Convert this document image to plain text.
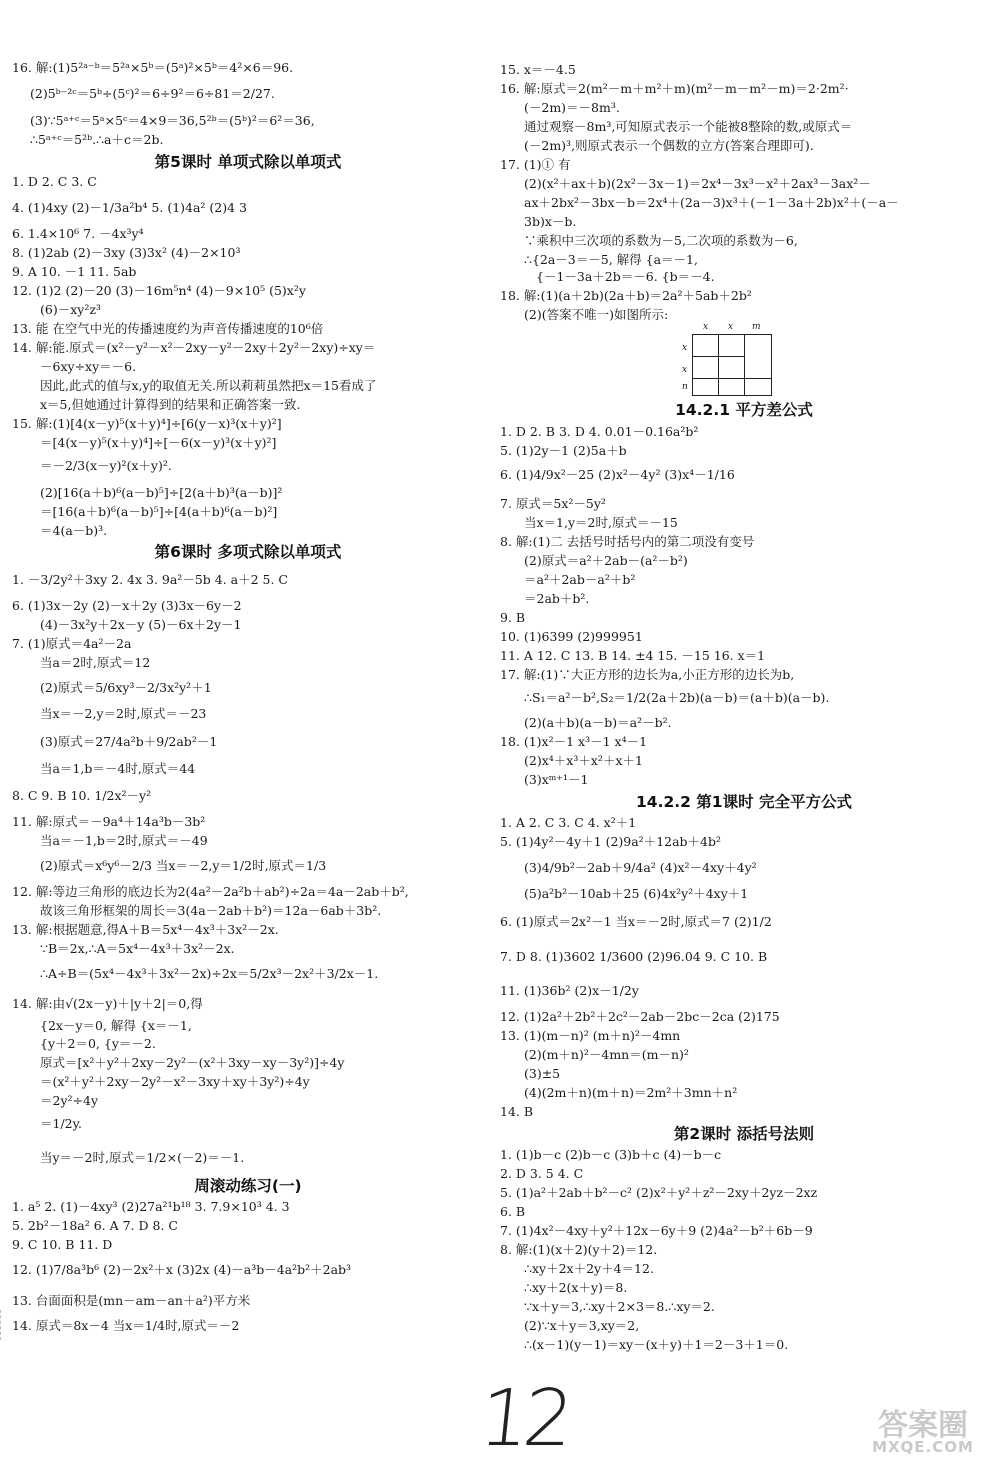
16. 解:(1)5²ᵃ⁻ᵇ＝5²ᵃ×5ᵇ＝(5ᵃ)²×5ᵇ＝4²×6＝96.
(2)5ᵇ⁻²ᶜ＝5ᵇ÷(5ᶜ)²＝6÷9²＝6÷81＝2/27.
(3)∵5ᵃ⁺ᶜ＝5ᵃ×5ᶜ＝4×9＝36,5²ᵇ＝(5ᵇ)²＝6²＝36,
∴5ᵃ⁺ᶜ＝5²ᵇ.∴a＋c＝2b.
第5课时 单项式除以单项式
1. D 2. C 3. C
4. (1)4xy (2)－1/3a²b⁴ 5. (1)4a² (2)4 3
6. 1.4×10⁶ 7. －4x³y⁴
8. (1)2ab (2)－3xy (3)3x² (4)－2×10³
9. A 10. －1 11. 5ab
12. (1)2 (2)－20 (3)－16m⁵n⁴ (4)－9×10⁵ (5)x²y
(6)－xy²z³
13. 能 在空气中光的传播速度约为声音传播速度的10⁶倍
14. 解:能.原式＝(x²－y²－x²－2xy－y²－2xy＋2y²－2xy)÷xy＝
－6xy÷xy＝－6.
因此,此式的值与x,y的取值无关.所以莉莉虽然把x＝15看成了
x＝5,但她通过计算得到的结果和正确答案一致.
15. 解:(1)[4(x－y)⁵(x＋y)⁴]÷[6(y－x)³(x＋y)²]
＝[4(x－y)⁵(x＋y)⁴]÷[－6(x－y)³(x＋y)²]
＝－2/3(x－y)²(x＋y)².
(2)[16(a＋b)⁶(a－b)⁵]÷[2(a＋b)³(a－b)]²
＝[16(a＋b)⁶(a－b)⁵]÷[4(a＋b)⁶(a－b)²]
＝4(a－b)³.
第6课时 多项式除以单项式
1. －3/2y²＋3xy 2. 4x 3. 9a²－5b 4. a＋2 5. C
6. (1)3x－2y (2)－x＋2y (3)3x－6y－2
(4)－3x²y＋2x－y (5)－6x＋2y－1
7. (1)原式＝4a²－2a
当a＝2时,原式＝12
(2)原式＝5/6xy³－2/3x²y²＋1
当x＝－2,y＝2时,原式＝－23
(3)原式＝27/4a²b＋9/2ab²－1
当a＝1,b＝－4时,原式＝44
8. C 9. B 10. 1/2x²－y²
11. 解:原式＝－9a⁴＋14a³b－3b²
当a＝－1,b＝2时,原式＝－49
(2)原式＝x⁶y⁶－2/3 当x＝－2,y＝1/2时,原式＝1/3
12. 解:等边三角形的底边长为2(4a²－2a²b＋ab²)÷2a＝4a－2ab＋b²,
故该三角形框架的周长＝3(4a－2ab＋b²)＝12a－6ab＋3b².
13. 解:根据题意,得A＋B＝5x⁴－4x³＋3x²－2x.
∵B＝2x,∴A＝5x⁴－4x³＋3x²－2x.
∴A÷B＝(5x⁴－4x³＋3x²－2x)÷2x＝5/2x³－2x²＋3/2x－1.
14. 解:由√(2x－y)＋|y＋2|＝0,得
{2x－y＝0, 解得 {x＝－1,
{y＋2＝0, {y＝－2.
原式＝[x²＋y²＋2xy－2y²－(x²＋3xy－xy－3y²)]÷4y
＝(x²＋y²＋2xy－2y²－x²－3xy＋xy＋3y²)÷4y
＝2y²÷4y
＝1/2y.
当y＝－2时,原式＝1/2×(－2)＝－1.
周滚动练习(一)
1. a⁵ 2. (1)－4xy³ (2)27a²¹b¹⁸ 3. 7.9×10³ 4. 3
5. 2b²－18a² 6. A 7. D 8. C
9. C 10. B 11. D
12. (1)7/8a³b⁶ (2)－2x²＋x (3)2x (4)－a³b－4a²b²＋2ab³
13. 台面面积是(mn－am－an＋a²)平方米
14. 原式＝8x－4 当x＝1/4时,原式＝－2
15. x＝－4.5
16. 解:原式＝2(m²－m＋m²＋m)(m²－m－m²－m)＝2·2m²·
(－2m)＝－8m³.
通过观察－8m³,可知原式表示一个能被8整除的数,或原式＝
(－2m)³,则原式表示一个偶数的立方(答案合理即可).
17. (1)① 有
(2)(x²＋ax＋b)(2x²－3x－1)＝2x⁴－3x³－x²＋2ax³－3ax²－
ax＋2bx²－3bx－b＝2x⁴＋(2a－3)x³＋(－1－3a＋2b)x²＋(－a－
3b)x－b.
∵乘积中三次项的系数为－5,二次项的系数为－6,
∴{2a－3＝－5, 解得 {a＝－1,
{－1－3a＋2b＝－6. {b＝－4.
18. 解:(1)(a＋2b)(2a＋b)＝2a²＋5ab＋2b²
(2)(答案不唯一)如图所示:
x x m
x
x
n
14.2.1 平方差公式
1. D 2. B 3. D 4. 0.01－0.16a²b²
5. (1)2y－1 (2)5a＋b
6. (1)4/9x²－25 (2)x²－4y² (3)x⁴－1/16
7. 原式＝5x²－5y²
当x＝1,y＝2时,原式＝－15
8. 解:(1)二 去括号时括号内的第二项没有变号
(2)原式＝a²＋2ab－(a²－b²)
＝a²＋2ab－a²＋b²
＝2ab＋b².
9. B
10. (1)6399 (2)999951
11. A 12. C 13. B 14. ±4 15. －15 16. x＝1
17. 解:(1)∵大正方形的边长为a,小正方形的边长为b,
∴S₁＝a²－b²,S₂＝1/2(2a＋2b)(a－b)＝(a＋b)(a－b).
(2)(a＋b)(a－b)＝a²－b².
18. (1)x²－1 x³－1 x⁴－1
(2)x⁴＋x³＋x²＋x＋1
(3)xᵐ⁺¹－1
14.2.2 第1课时 完全平方公式
1. A 2. C 3. C 4. x²＋1
5. (1)4y²－4y＋1 (2)9a²＋12ab＋4b²
(3)4/9b²－2ab＋9/4a² (4)x²－4xy＋4y²
(5)a²b²－10ab＋25 (6)4x²y²＋4xy＋1
6. (1)原式＝2x²－1 当x＝－2时,原式＝7 (2)1/2
7. D 8. (1)3602 1/3600 (2)96.04 9. C 10. B
11. (1)36b² (2)x－1/2y
12. (1)2a²＋2b²＋2c²－2ab－2bc－2ca (2)175
13. (1)(m－n)² (m＋n)²－4mn
(2)(m＋n)²－4mn＝(m－n)²
(3)±5
(4)(2m＋n)(m＋n)＝2m²＋3mn＋n²
14. B
第2课时 添括号法则
1. (1)b－c (2)b－c (3)b＋c (4)－b－c
2. D 3. 5 4. C
5. (1)a²＋2ab＋b²－c² (2)x²＋y²＋z²－2xy＋2yz－2xz
6. B
7. (1)4x²－4xy＋y²＋12x－6y＋9 (2)4a²－b²＋6b－9
8. 解:(1)(x＋2)(y＋2)＝12.
∴xy＋2x＋2y＋4＝12.
∴xy＋2(x＋y)＝8.
∵x＋y＝3,∴xy＋2×3＝8.∴xy＝2.
(2)∵x＋y＝3,xy＝2,
∴(x－1)(y－1)＝xy－(x＋y)＋1＝2－3＋1＝0.
12	答案圈
MXQE.COM
